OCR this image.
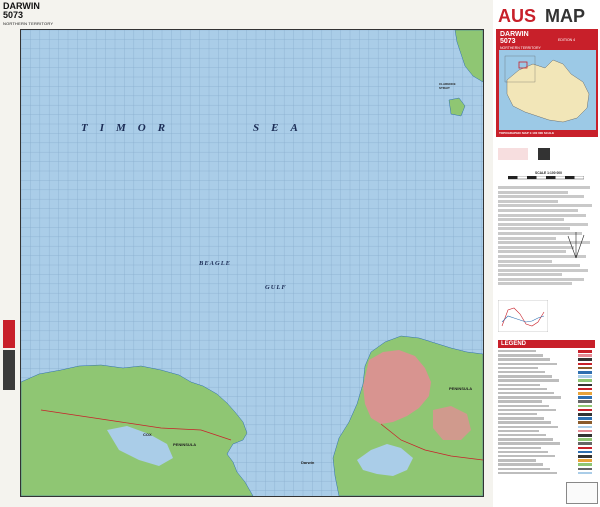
DARWIN
5073
NORTHERN TERRITORY
TIMOR	SEA
BEAGLE
GULF
Darwin
COX
PENINSULA
CLARENCE STRAIT
PENINSULA
AUS MAP
DARWIN
5073	EDITION 4
NORTHERN TERRITORY
TOPOGRAPHIC MAP 1:100 000 SCALE
SCALE 1:100 000
LEGEND
